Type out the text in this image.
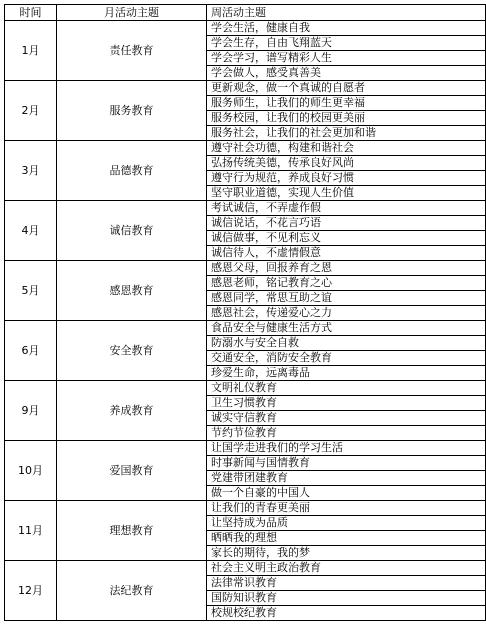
时间	月活动主题	周活动主题
1月	责任教育	学会生活，健康自我
		学会生存，自由飞翔蓝天
		学会学习，谱写精彩人生
		学会做人，感受真善美
2月	服务教育	更新观念，做一个真诚的自愿者
		服务师生，让我们的师生更幸福
		服务校园，让我们的校园更美丽
		服务社会，让我们的社会更加和谐
3月	品德教育	遵守社会功德，构建和谐社会
		弘扬传统美德，传承良好风尚
		遵守行为规范，养成良好习惯
		坚守职业道德，实现人生价值
4月	诚信教育	考试诚信，不弄虚作假
		诚信说话，不花言巧语
		诚信做事，不见利忘义
		诚信待人，不虚情假意
5月	感恩教育	感恩父母，回报养育之恩
		感恩老师，铭记教育之心
		感恩同学，常思互助之谊
		感恩社会，传递爱心之力
6月	安全教育	食品安全与健康生活方式
		防溺水与安全自救
		交通安全，消防安全教育
		珍爱生命，远离毒品
9月	养成教育	文明礼仪教育
		卫生习惯教育
		诚实守信教育
		节约节俭教育
10月	爱国教育	让国学走进我们的学习生活
		时事新闻与国情教育
		党建带团建教育
		做一个自豪的中国人
11月	理想教育	让我们的青春更美丽
		让坚持成为品质
		晒晒我的理想
		家长的期待，我的梦
12月	法纪教育	社会主义明主政治教育
		法律常识教育
		国防知识教育
		校规校纪教育
